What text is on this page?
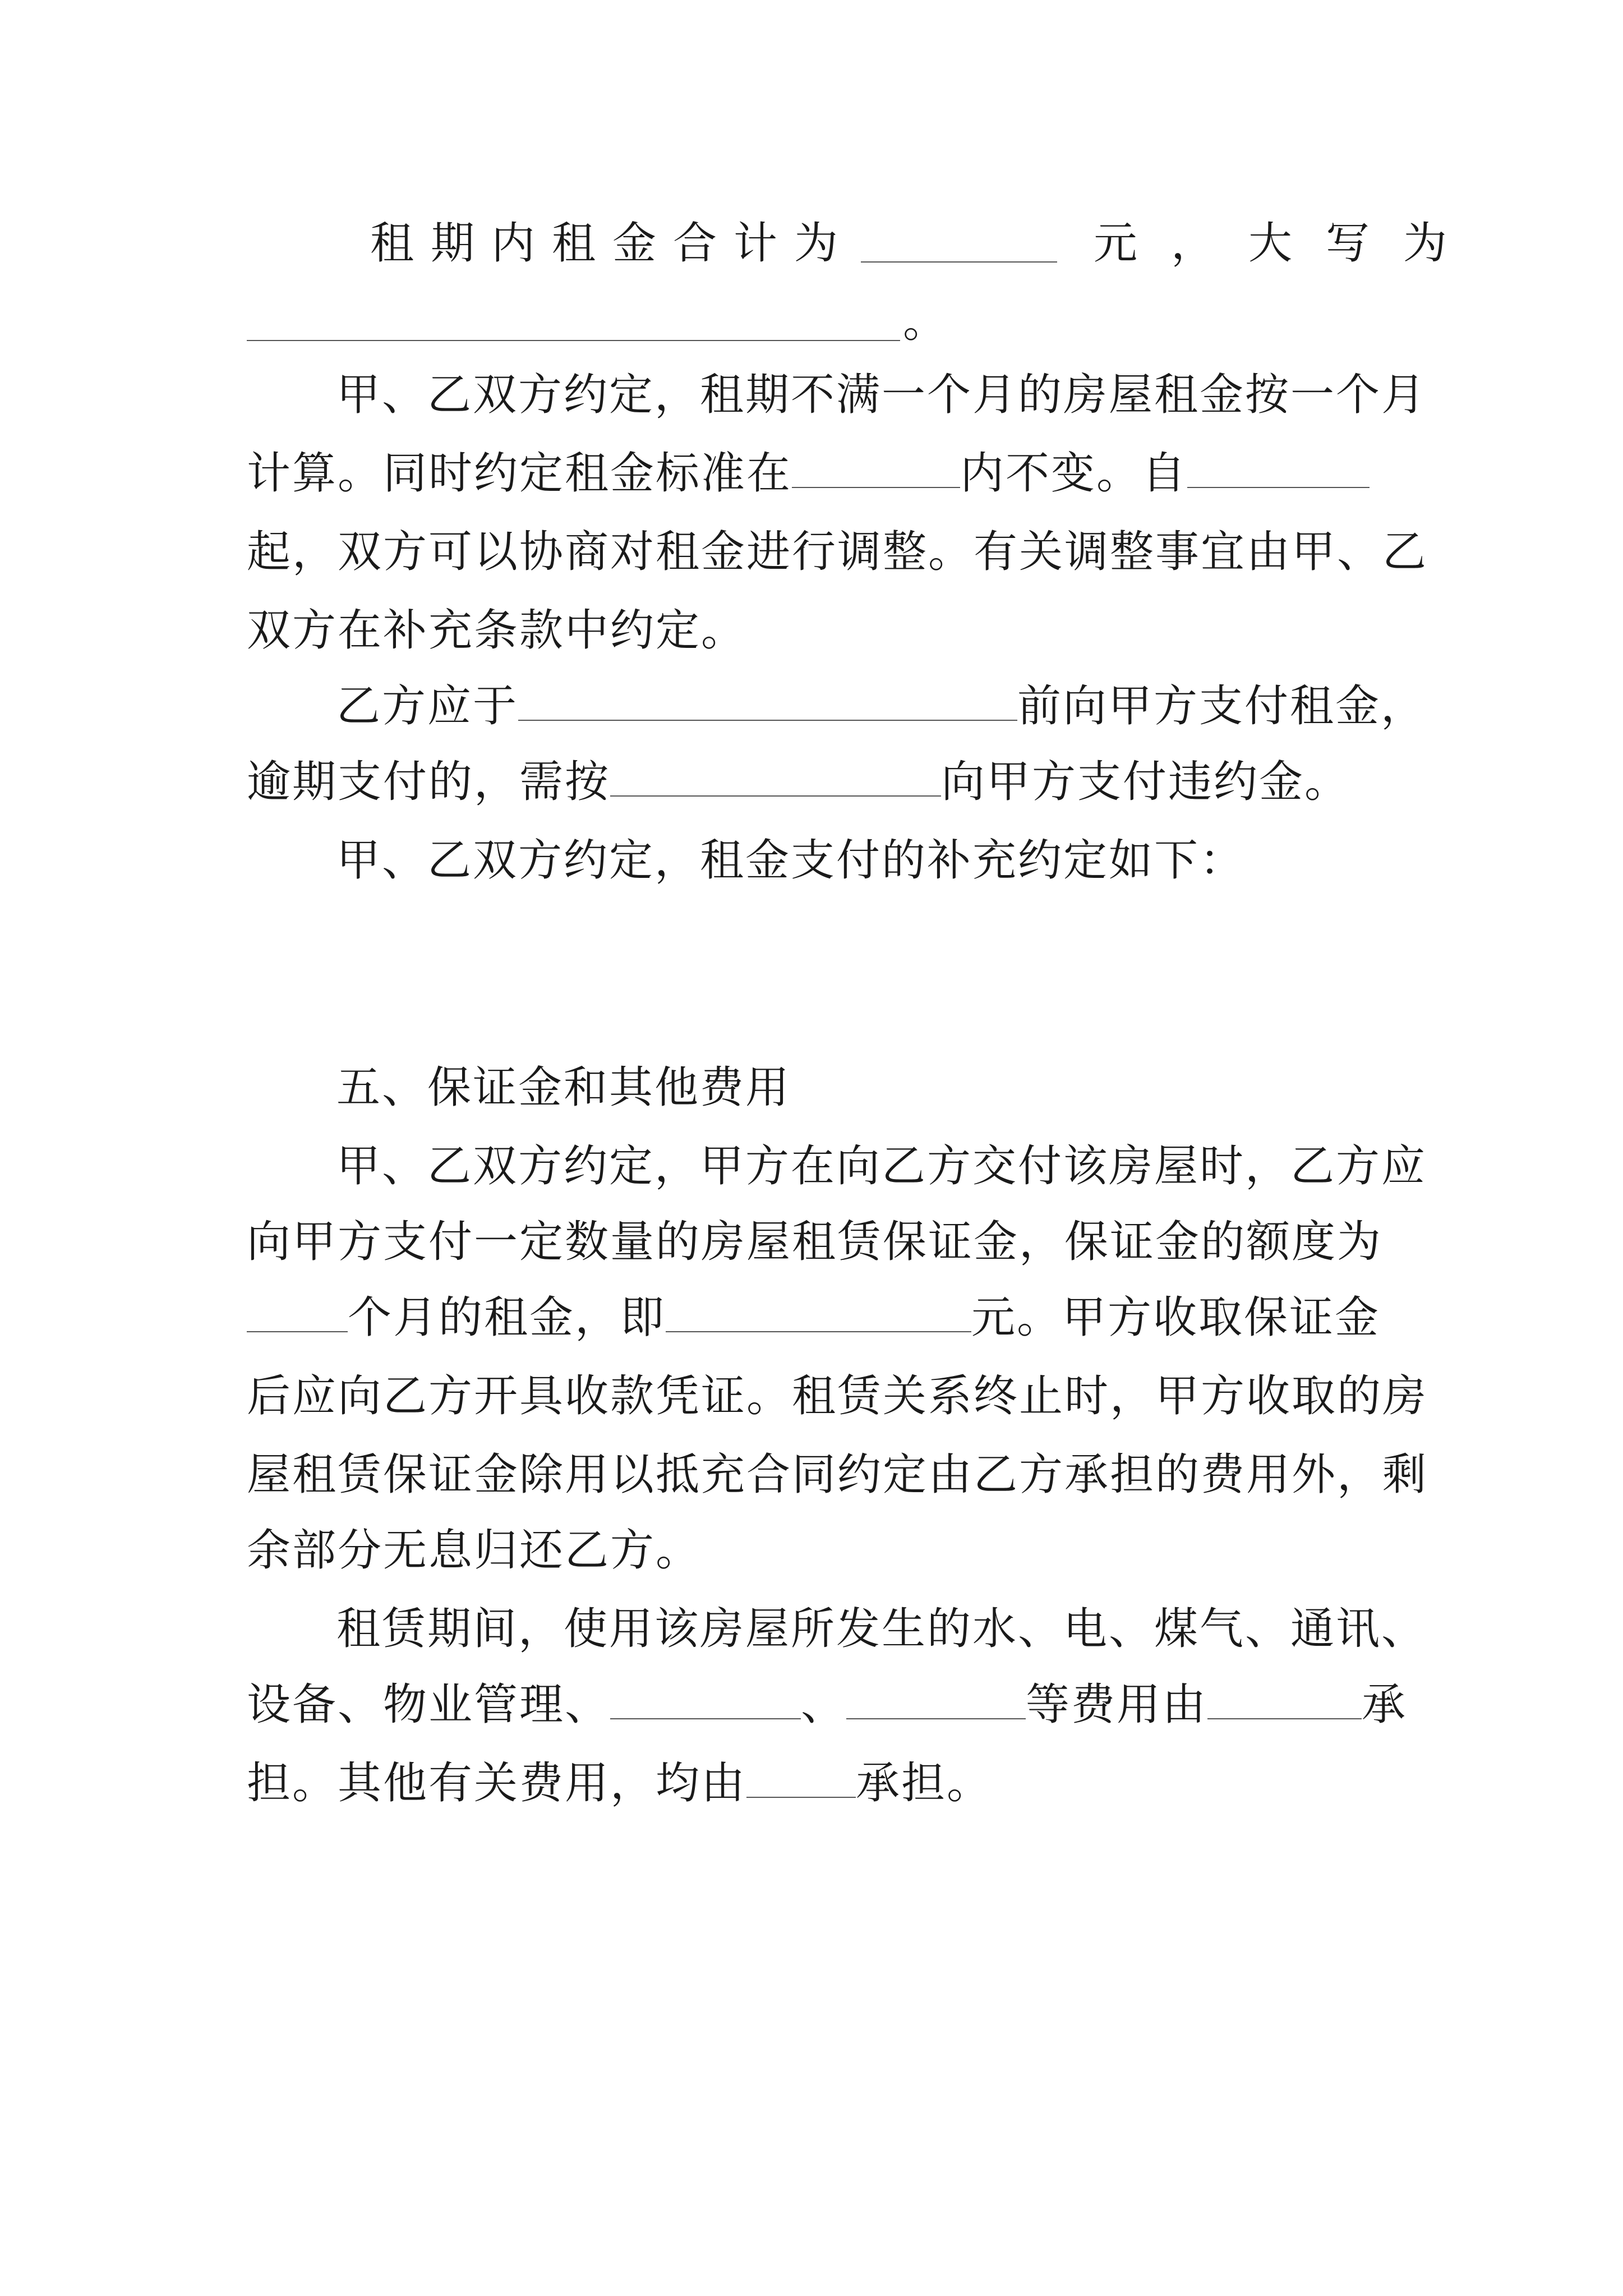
租期内租金合计为	元，大写为
。
甲、乙双方约定，租期不满一个月的房屋租金按一个月
计算。同时约定租金标准在	内不变。自
起，双方可以协商对租金进行调整。有关调整事宜由甲、乙
双方在补充条款中约定。
乙方应于	前向甲方支付租金，
逾期支付的，需按	向甲方支付违约金。
甲、乙双方约定，租金支付的补充约定如下：
五、保证金和其他费用
甲、乙双方约定，甲方在向乙方交付该房屋时，乙方应
向甲方支付一定数量的房屋租赁保证金，保证金的额度为
个月的租金，即	元。甲方收取保证金
后应向乙方开具收款凭证。租赁关系终止时，甲方收取的房
屋租赁保证金除用以抵充合同约定由乙方承担的费用外，剩
余部分无息归还乙方。
租赁期间，使用该房屋所发生的水、电、煤气、通讯、
设备、物业管理、	、	等费用由	承
担。其他有关费用，均由	承担。
